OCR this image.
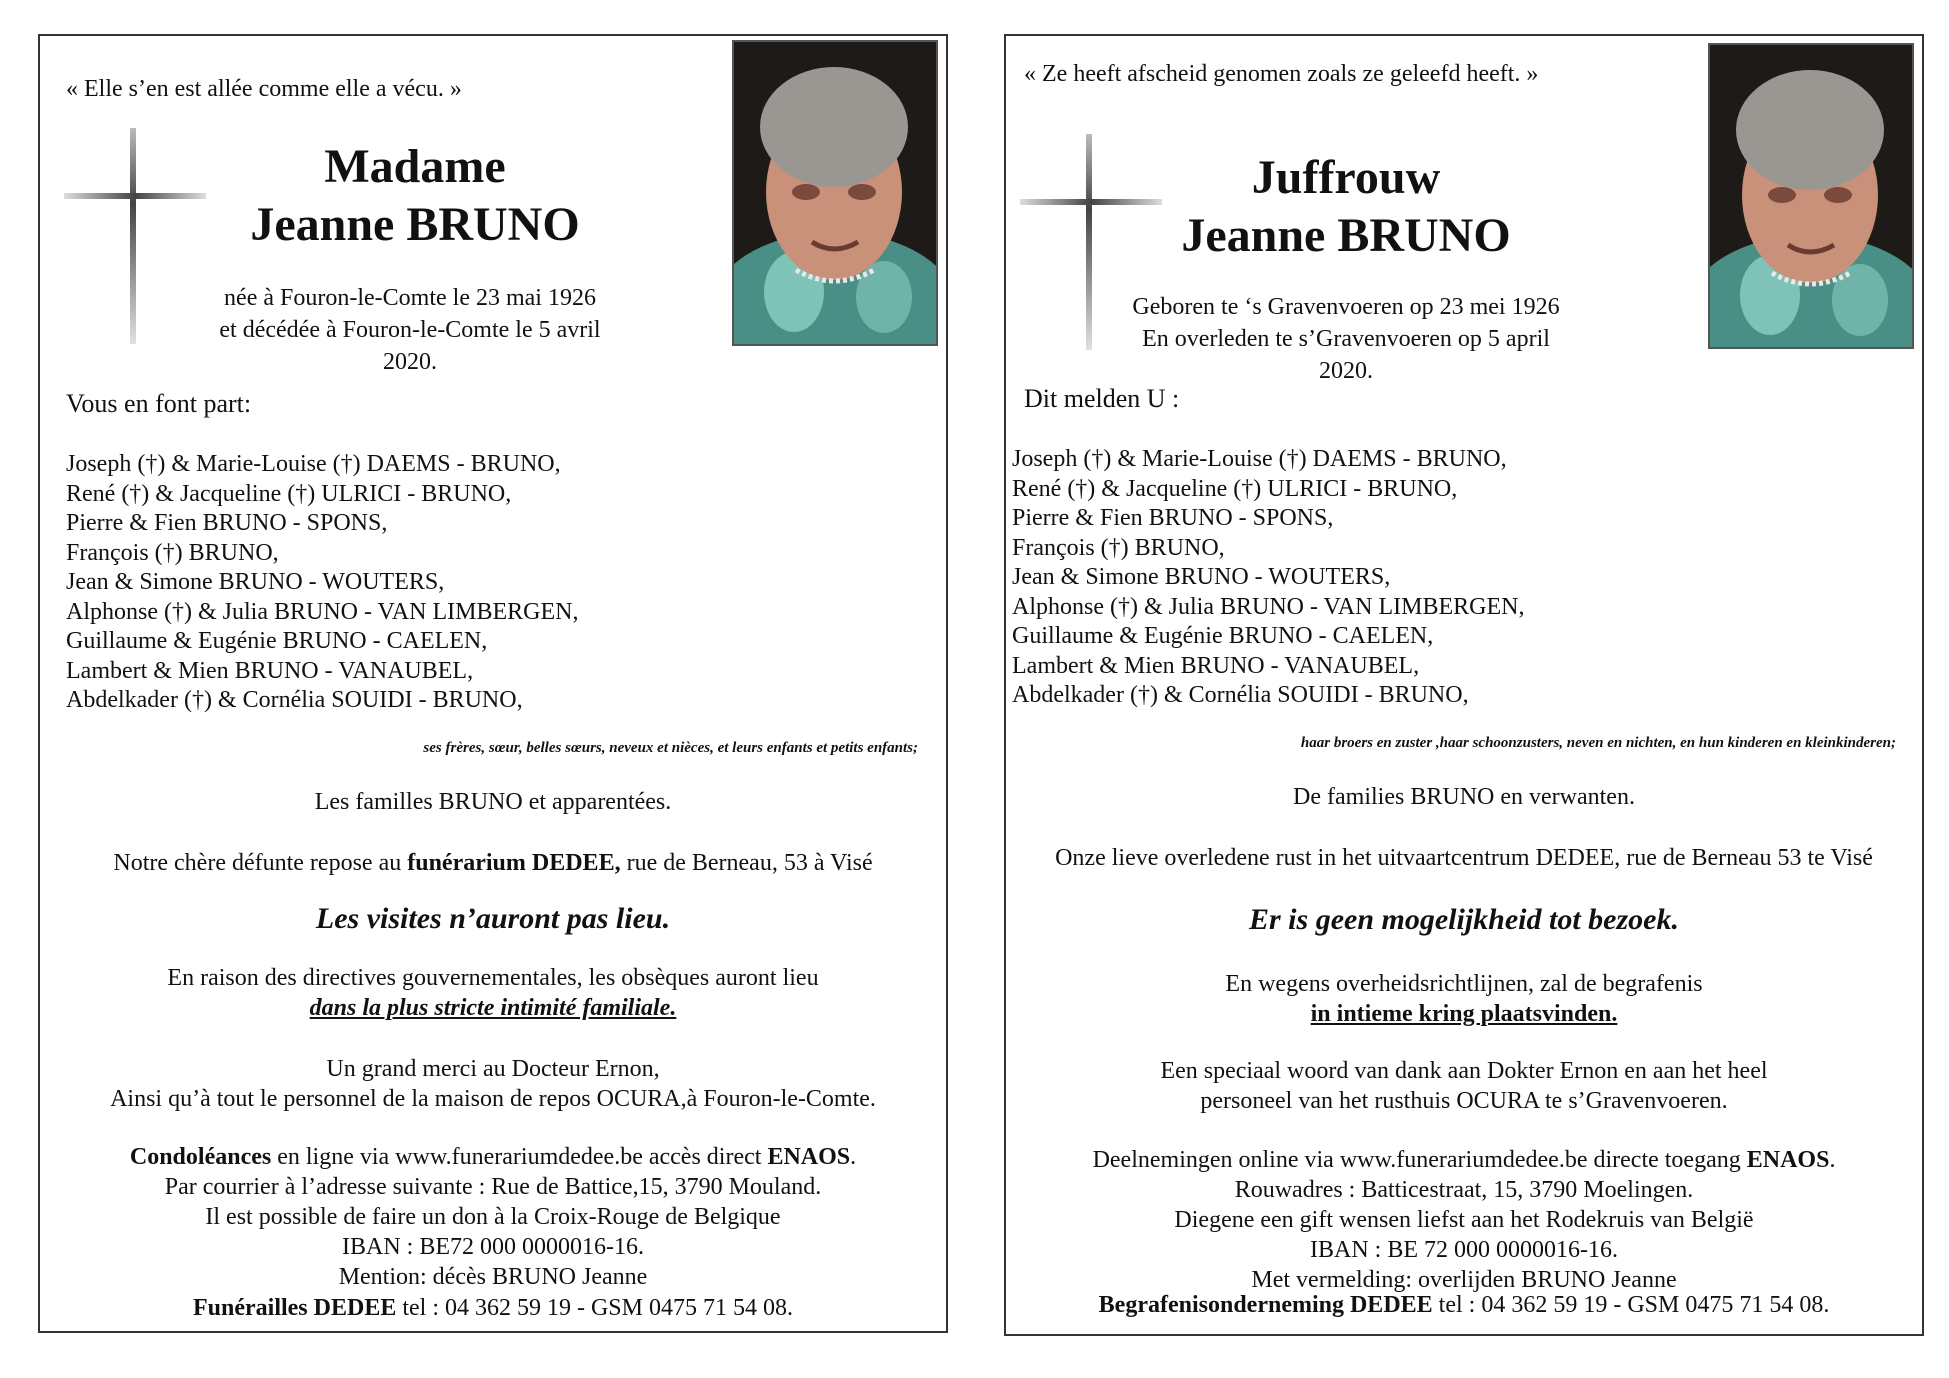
« Elle s’en est allée comme elle a vécu. »
Madame
Jeanne BRUNO
née à Fouron-le-Comte le 23 mai 1926
et décédée à Fouron-le-Comte le 5 avril 2020.
Vous en font part:
Joseph (†) & Marie-Louise (†) DAEMS - BRUNO,
René (†) & Jacqueline (†) ULRICI - BRUNO,
Pierre & Fien BRUNO - SPONS,
François (†) BRUNO,
Jean & Simone BRUNO - WOUTERS,
Alphonse (†) & Julia BRUNO - VAN LIMBERGEN,
Guillaume & Eugénie BRUNO - CAELEN,
Lambert & Mien BRUNO - VANAUBEL,
Abdelkader (†) & Cornélia SOUIDI - BRUNO,
ses frères, sœur, belles sœurs, neveux et nièces, et leurs enfants et petits enfants;
Les familles BRUNO et apparentées.
Notre chère défunte repose au funérarium DEDEE, rue de Berneau, 53 à Visé
Les visites n’auront pas lieu.
En raison des directives gouvernementales, les obsèques auront lieu
dans la plus stricte intimité familiale.
Un grand merci au Docteur Ernon,
Ainsi qu’à tout le personnel de la maison de repos OCURA,à Fouron-le-Comte.
Condoléances en ligne via www.funerariumdedee.be accès direct ENAOS.
Par courrier à l’adresse suivante : Rue de Battice,15, 3790 Mouland.
Il est possible de faire un don à la Croix-Rouge de Belgique
IBAN : BE72 000 0000016-16.
Mention: décès BRUNO Jeanne
Funérailles DEDEE tel : 04 362 59 19 - GSM 0475 71 54 08.
« Ze heeft afscheid genomen zoals ze geleefd heeft. »
Juffrouw
Jeanne BRUNO
Geboren te ‘s Gravenvoeren op 23 mei 1926
En overleden te s’Gravenvoeren op 5 april 2020.
Dit melden U :
Joseph (†) & Marie-Louise (†) DAEMS - BRUNO,
René (†) & Jacqueline (†) ULRICI - BRUNO,
Pierre & Fien BRUNO - SPONS,
François (†) BRUNO,
Jean & Simone BRUNO - WOUTERS,
Alphonse (†) & Julia BRUNO - VAN LIMBERGEN,
Guillaume & Eugénie BRUNO - CAELEN,
Lambert & Mien BRUNO - VANAUBEL,
Abdelkader (†) & Cornélia SOUIDI - BRUNO,
haar broers en zuster ,haar schoonzusters, neven en nichten, en hun kinderen en kleinkinderen;
De families BRUNO en verwanten.
Onze lieve overledene rust in het uitvaartcentrum DEDEE, rue de Berneau 53 te Visé
Er is geen mogelijkheid tot bezoek.
En wegens overheidsrichtlijnen, zal de begrafenis
in intieme kring plaatsvinden.
Een speciaal woord van dank aan Dokter Ernon en aan het heel
personeel van het rusthuis OCURA te s’Gravenvoeren.
Deelnemingen online via www.funerariumdedee.be directe toegang ENAOS.
Rouwadres : Batticestraat, 15, 3790 Moelingen.
Diegene een gift wensen liefst aan het Rodekruis van België
IBAN : BE 72 000 0000016-16.
Met vermelding: overlijden BRUNO Jeanne
Begrafenisonderneming DEDEE tel : 04 362 59 19 - GSM 0475 71 54 08.
